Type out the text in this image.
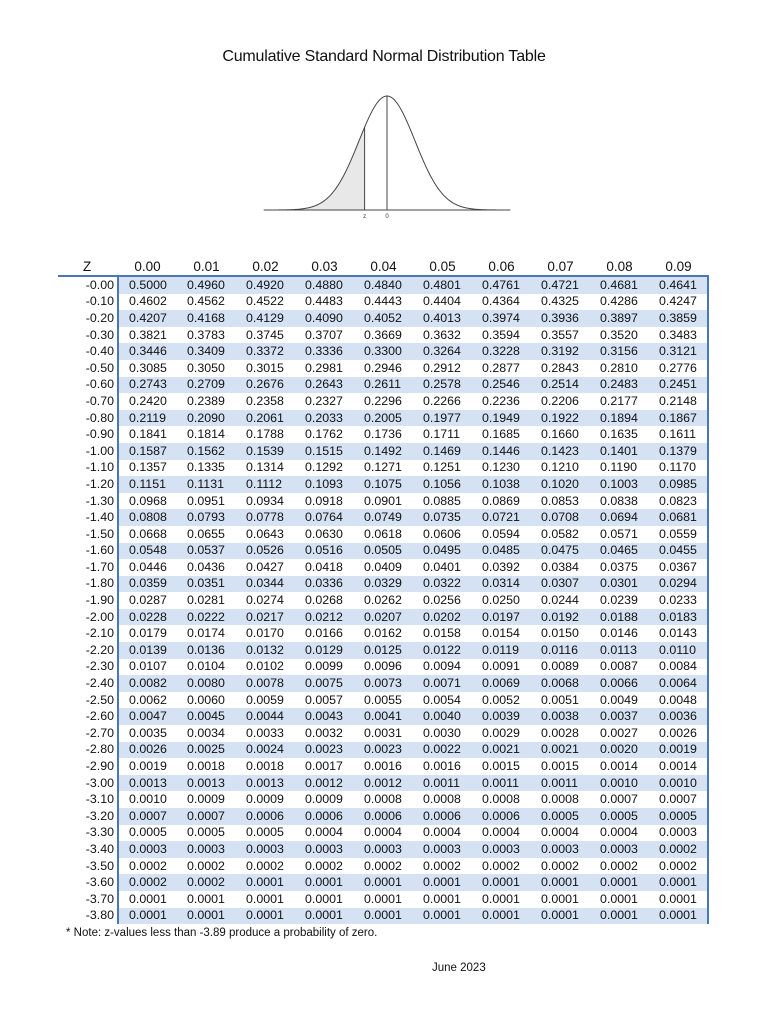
Cumulative Standard Normal Distribution Table
z	0
Z	0.00	0.01	0.02	0.03	0.04	0.05	0.06	0.07	0.08	0.09
-0.00	0.5000	0.4960	0.4920	0.4880	0.4840	0.4801	0.4761	0.4721	0.4681	0.4641
-0.10	0.4602	0.4562	0.4522	0.4483	0.4443	0.4404	0.4364	0.4325	0.4286	0.4247
-0.20	0.4207	0.4168	0.4129	0.4090	0.4052	0.4013	0.3974	0.3936	0.3897	0.3859
-0.30	0.3821	0.3783	0.3745	0.3707	0.3669	0.3632	0.3594	0.3557	0.3520	0.3483
-0.40	0.3446	0.3409	0.3372	0.3336	0.3300	0.3264	0.3228	0.3192	0.3156	0.3121
-0.50	0.3085	0.3050	0.3015	0.2981	0.2946	0.2912	0.2877	0.2843	0.2810	0.2776
-0.60	0.2743	0.2709	0.2676	0.2643	0.2611	0.2578	0.2546	0.2514	0.2483	0.2451
-0.70	0.2420	0.2389	0.2358	0.2327	0.2296	0.2266	0.2236	0.2206	0.2177	0.2148
-0.80	0.2119	0.2090	0.2061	0.2033	0.2005	0.1977	0.1949	0.1922	0.1894	0.1867
-0.90	0.1841	0.1814	0.1788	0.1762	0.1736	0.1711	0.1685	0.1660	0.1635	0.1611
-1.00	0.1587	0.1562	0.1539	0.1515	0.1492	0.1469	0.1446	0.1423	0.1401	0.1379
-1.10	0.1357	0.1335	0.1314	0.1292	0.1271	0.1251	0.1230	0.1210	0.1190	0.1170
-1.20	0.1151	0.1131	0.1112	0.1093	0.1075	0.1056	0.1038	0.1020	0.1003	0.0985
-1.30	0.0968	0.0951	0.0934	0.0918	0.0901	0.0885	0.0869	0.0853	0.0838	0.0823
-1.40	0.0808	0.0793	0.0778	0.0764	0.0749	0.0735	0.0721	0.0708	0.0694	0.0681
-1.50	0.0668	0.0655	0.0643	0.0630	0.0618	0.0606	0.0594	0.0582	0.0571	0.0559
-1.60	0.0548	0.0537	0.0526	0.0516	0.0505	0.0495	0.0485	0.0475	0.0465	0.0455
-1.70	0.0446	0.0436	0.0427	0.0418	0.0409	0.0401	0.0392	0.0384	0.0375	0.0367
-1.80	0.0359	0.0351	0.0344	0.0336	0.0329	0.0322	0.0314	0.0307	0.0301	0.0294
-1.90	0.0287	0.0281	0.0274	0.0268	0.0262	0.0256	0.0250	0.0244	0.0239	0.0233
-2.00	0.0228	0.0222	0.0217	0.0212	0.0207	0.0202	0.0197	0.0192	0.0188	0.0183
-2.10	0.0179	0.0174	0.0170	0.0166	0.0162	0.0158	0.0154	0.0150	0.0146	0.0143
-2.20	0.0139	0.0136	0.0132	0.0129	0.0125	0.0122	0.0119	0.0116	0.0113	0.0110
-2.30	0.0107	0.0104	0.0102	0.0099	0.0096	0.0094	0.0091	0.0089	0.0087	0.0084
-2.40	0.0082	0.0080	0.0078	0.0075	0.0073	0.0071	0.0069	0.0068	0.0066	0.0064
-2.50	0.0062	0.0060	0.0059	0.0057	0.0055	0.0054	0.0052	0.0051	0.0049	0.0048
-2.60	0.0047	0.0045	0.0044	0.0043	0.0041	0.0040	0.0039	0.0038	0.0037	0.0036
-2.70	0.0035	0.0034	0.0033	0.0032	0.0031	0.0030	0.0029	0.0028	0.0027	0.0026
-2.80	0.0026	0.0025	0.0024	0.0023	0.0023	0.0022	0.0021	0.0021	0.0020	0.0019
-2.90	0.0019	0.0018	0.0018	0.0017	0.0016	0.0016	0.0015	0.0015	0.0014	0.0014
-3.00	0.0013	0.0013	0.0013	0.0012	0.0012	0.0011	0.0011	0.0011	0.0010	0.0010
-3.10	0.0010	0.0009	0.0009	0.0009	0.0008	0.0008	0.0008	0.0008	0.0007	0.0007
-3.20	0.0007	0.0007	0.0006	0.0006	0.0006	0.0006	0.0006	0.0005	0.0005	0.0005
-3.30	0.0005	0.0005	0.0005	0.0004	0.0004	0.0004	0.0004	0.0004	0.0004	0.0003
-3.40	0.0003	0.0003	0.0003	0.0003	0.0003	0.0003	0.0003	0.0003	0.0003	0.0002
-3.50	0.0002	0.0002	0.0002	0.0002	0.0002	0.0002	0.0002	0.0002	0.0002	0.0002
-3.60	0.0002	0.0002	0.0001	0.0001	0.0001	0.0001	0.0001	0.0001	0.0001	0.0001
-3.70	0.0001	0.0001	0.0001	0.0001	0.0001	0.0001	0.0001	0.0001	0.0001	0.0001
-3.80	0.0001	0.0001	0.0001	0.0001	0.0001	0.0001	0.0001	0.0001	0.0001	0.0001
* Note: z-values less than -3.89 produce a probability of zero.
June 2023
